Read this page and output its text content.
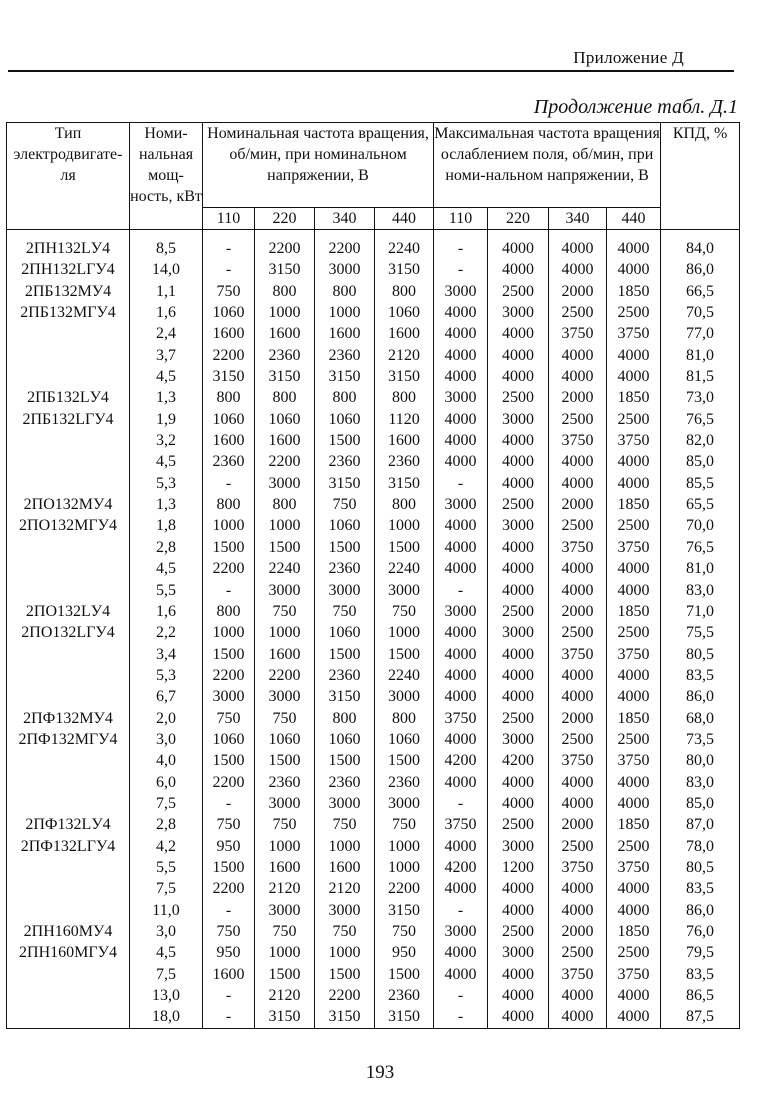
Приложение Д
Продолжение табл. Д.1
Тип электродвигате-ля	Номи-нальная мощ-ность, кВт	Номинальная частота вращения, об/мин, при номинальном напряжении, В				Максимальная частота вращения ослаблением поля, об/мин, при номи-нальном напряжении, В				КПД, %
		110	220	340	440	110	220	340	440	
2ПН132LУ4	8,5	-	2200	2200	2240	-	4000	4000	4000	84,0
2ПН132LГУ4	14,0	-	3150	3000	3150	-	4000	4000	4000	86,0
2ПБ132МУ4	1,1	750	800	800	800	3000	2500	2000	1850	66,5
2ПБ132МГУ4	1,6	1060	1000	1000	1060	4000	3000	2500	2500	70,5
	2,4	1600	1600	1600	1600	4000	4000	3750	3750	77,0
	3,7	2200	2360	2360	2120	4000	4000	4000	4000	81,0
	4,5	3150	3150	3150	3150	4000	4000	4000	4000	81,5
2ПБ132LУ4	1,3	800	800	800	800	3000	2500	2000	1850	73,0
2ПБ132LГУ4	1,9	1060	1060	1060	1120	4000	3000	2500	2500	76,5
	3,2	1600	1600	1500	1600	4000	4000	3750	3750	82,0
	4,5	2360	2200	2360	2360	4000	4000	4000	4000	85,0
	5,3	-	3000	3150	3150	-	4000	4000	4000	85,5
2ПО132МУ4	1,3	800	800	750	800	3000	2500	2000	1850	65,5
2ПО132МГУ4	1,8	1000	1000	1060	1000	4000	3000	2500	2500	70,0
	2,8	1500	1500	1500	1500	4000	4000	3750	3750	76,5
	4,5	2200	2240	2360	2240	4000	4000	4000	4000	81,0
	5,5	-	3000	3000	3000	-	4000	4000	4000	83,0
2ПО132LУ4	1,6	800	750	750	750	3000	2500	2000	1850	71,0
2ПО132LГУ4	2,2	1000	1000	1060	1000	4000	3000	2500	2500	75,5
	3,4	1500	1600	1500	1500	4000	4000	3750	3750	80,5
	5,3	2200	2200	2360	2240	4000	4000	4000	4000	83,5
	6,7	3000	3000	3150	3000	4000	4000	4000	4000	86,0
2ПФ132МУ4	2,0	750	750	800	800	3750	2500	2000	1850	68,0
2ПФ132МГУ4	3,0	1060	1060	1060	1060	4000	3000	2500	2500	73,5
	4,0	1500	1500	1500	1500	4200	4200	3750	3750	80,0
	6,0	2200	2360	2360	2360	4000	4000	4000	4000	83,0
	7,5	-	3000	3000	3000	-	4000	4000	4000	85,0
2ПФ132LУ4	2,8	750	750	750	750	3750	2500	2000	1850	87,0
2ПФ132LГУ4	4,2	950	1000	1000	1000	4000	3000	2500	2500	78,0
	5,5	1500	1600	1600	1000	4200	1200	3750	3750	80,5
	7,5	2200	2120	2120	2200	4000	4000	4000	4000	83,5
	11,0	-	3000	3000	3150	-	4000	4000	4000	86,0
2ПН160МУ4	3,0	750	750	750	750	3000	2500	2000	1850	76,0
2ПН160МГУ4	4,5	950	1000	1000	950	4000	3000	2500	2500	79,5
	7,5	1600	1500	1500	1500	4000	4000	3750	3750	83,5
	13,0	-	2120	2200	2360	-	4000	4000	4000	86,5
	18,0	-	3150	3150	3150	-	4000	4000	4000	87,5
193
